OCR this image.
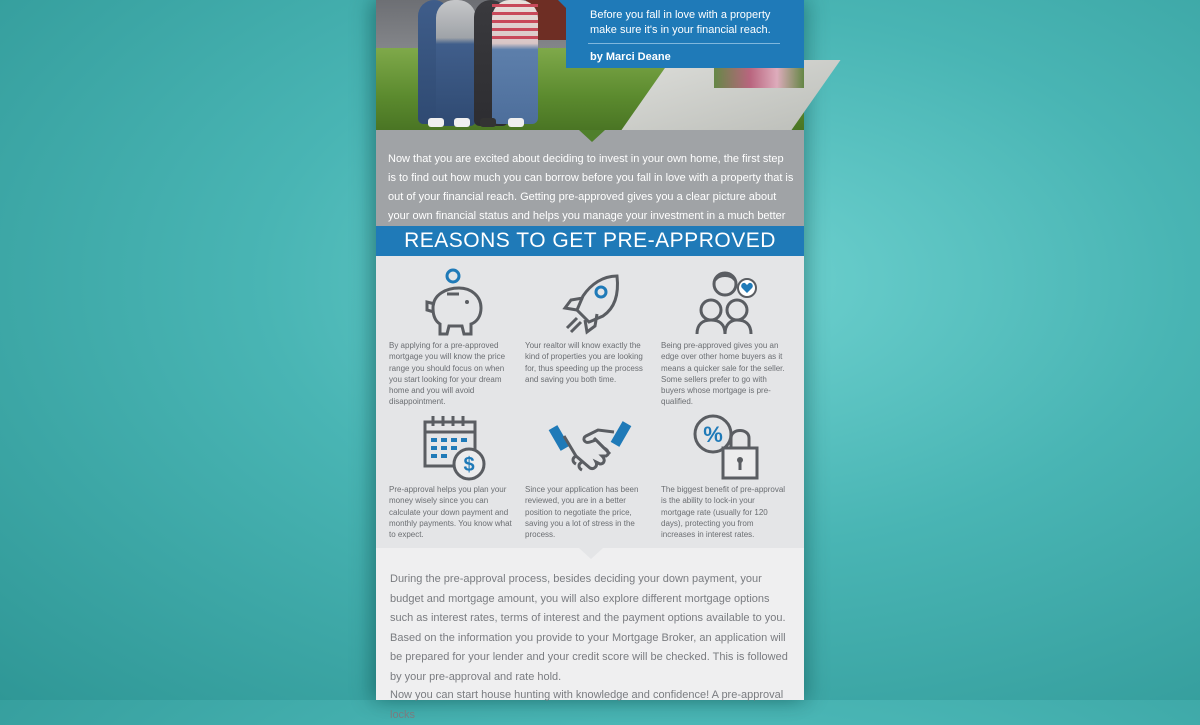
Before you fall in love with a property
make sure it's in your financial reach.
by Marci Deane

Now that you are excited about deciding to invest in your own home, the first step is to find out how much you can borrow before you fall in love with a property that is out of your financial reach. Getting pre-approved gives you a clear picture about your own financial status and helps you manage your investment in a much better

REASONS TO GET PRE-APPROVED

By applying for a pre-approved mortgage you will know the price range you should focus on when you start looking for your dream home and you will avoid disappointment.

Your realtor will know exactly the kind of properties you are looking for, thus speeding up the process and saving you both time.

Being pre-approved gives you an edge over other home buyers as it means a quicker sale for the seller. Some sellers prefer to go with buyers whose mortgage is pre-qualified.

$

Pre-approval helps you plan your money wisely since you can calculate your down payment and monthly payments. You know what to expect.

Since your application has been reviewed, you are in a better position to negotiate the price, saving you a lot of stress in the process.

%

The biggest benefit of pre-approval is the ability to lock-in your mortgage rate (usually for 120 days), protecting you from increases in interest rates.

During the pre-approval process, besides deciding your down payment, your budget and mortgage amount, you will also explore different mortgage options such as interest rates, terms of interest and the payment options available to you. Based on the information you provide to your Mortgage Broker, an application will be prepared for your lender and your credit score will be checked. This is followed by your pre-approval and rate hold.

Now you can start house hunting with knowledge and confidence! A pre-approval locks
